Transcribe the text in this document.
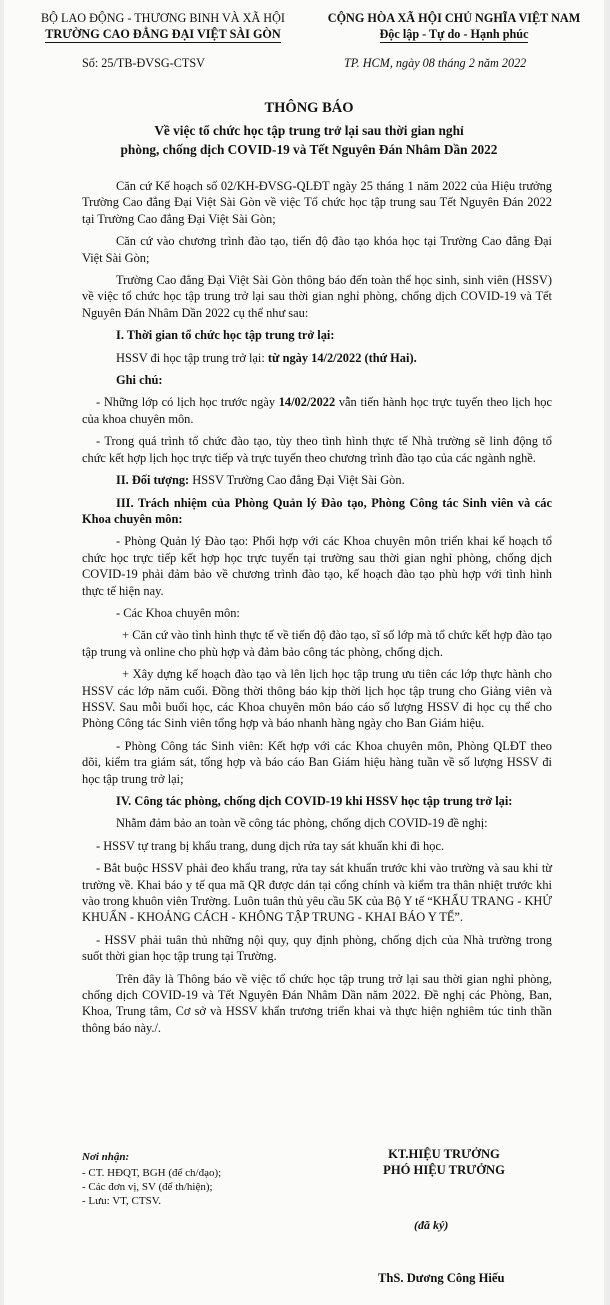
BỘ LAO ĐỘNG - THƯƠNG BINH VÀ XÃ HỘI
TRƯỜNG CAO ĐẲNG ĐẠI VIỆT SÀI GÒN
CỘNG HÒA XÃ HỘI CHỦ NGHĨA VIỆT NAM
Độc lập - Tự do - Hạnh phúc
Số: 25/TB-ĐVSG-CTSV	TP. HCM, ngày 08 tháng 2 năm 2022
THÔNG BÁO
Về việc tổ chức học tập trung trở lại sau thời gian nghỉ
phòng, chống dịch COVID-19 và Tết Nguyên Đán Nhâm Dần 2022

Căn cứ Kế hoạch số 02/KH-ĐVSG-QLĐT ngày 25 tháng 1 năm 2022 của Hiệu trưởng Trường Cao đẳng Đại Việt Sài Gòn về việc Tổ chức học tập trung sau Tết Nguyên Đán 2022 tại Trường Cao đẳng Đại Việt Sài Gòn;

Căn cứ vào chương trình đào tạo, tiến độ đào tạo khóa học tại Trường Cao đẳng Đại Việt Sài Gòn;

Trường Cao đẳng Đại Việt Sài Gòn thông báo đến toàn thể học sinh, sinh viên (HSSV) về việc tổ chức học tập trung trở lại sau thời gian nghỉ phòng, chống dịch COVID-19 và Tết Nguyên Đán Nhâm Dần 2022 cụ thể như sau:

I. Thời gian tổ chức học tập trung trở lại:

HSSV đi học tập trung trở lại: từ ngày 14/2/2022 (thứ Hai).

Ghi chú:

- Những lớp có lịch học trước ngày 14/02/2022 vẫn tiến hành học trực tuyến theo lịch học của khoa chuyên môn.

- Trong quá trình tổ chức đào tạo, tùy theo tình hình thực tế Nhà trường sẽ linh động tổ chức kết hợp lịch học trực tiếp và trực tuyến theo chương trình đào tạo của các ngành nghề.

II. Đối tượng: HSSV Trường Cao đẳng Đại Việt Sài Gòn.

III. Trách nhiệm của Phòng Quản lý Đào tạo, Phòng Công tác Sinh viên và các Khoa chuyên môn:

- Phòng Quản lý Đào tạo: Phối hợp với các Khoa chuyên môn triển khai kế hoạch tổ chức học trực tiếp kết hợp học trực tuyến tại trường sau thời gian nghỉ phòng, chống dịch COVID-19 phải đảm bảo về chương trình đào tạo, kế hoạch đào tạo phù hợp với tình hình thực tế hiện nay.

- Các Khoa chuyên môn:

+ Căn cứ vào tình hình thực tế về tiến độ đào tạo, sĩ số lớp mà tổ chức kết hợp đào tạo tập trung và online cho phù hợp và đảm bảo công tác phòng, chống dịch.

+ Xây dựng kế hoạch đào tạo và lên lịch học tập trung ưu tiên các lớp thực hành cho HSSV các lớp năm cuối. Đồng thời thông báo kịp thời lịch học tập trung cho Giảng viên và HSSV. Sau mỗi buổi học, các Khoa chuyên môn báo cáo số lượng HSSV đi học cụ thể cho Phòng Công tác Sinh viên tổng hợp và báo nhanh hàng ngày cho Ban Giám hiệu.

- Phòng Công tác Sinh viên: Kết hợp với các Khoa chuyên môn, Phòng QLĐT theo dõi, kiểm tra giám sát, tổng hợp và báo cáo Ban Giám hiệu hàng tuần về số lượng HSSV đi học tập trung trở lại;

IV. Công tác phòng, chống dịch COVID-19 khi HSSV học tập trung trở lại:

Nhằm đảm bảo an toàn về công tác phòng, chống dịch COVID-19 đề nghị:

- HSSV tự trang bị khẩu trang, dung dịch rửa tay sát khuẩn khi đi học.

- Bắt buộc HSSV phải đeo khẩu trang, rửa tay sát khuẩn trước khi vào trường và sau khi từ trường về. Khai báo y tế qua mã QR được dán tại cổng chính và kiểm tra thân nhiệt trước khi vào trong khuôn viên Trường. Luôn tuân thủ yêu cầu 5K của Bộ Y tế “KHẨU TRANG - KHỬ KHUẨN - KHOẢNG CÁCH - KHÔNG TẬP TRUNG - KHAI BÁO Y TẾ”.

- HSSV phải tuân thủ những nội quy, quy định phòng, chống dịch của Nhà trường trong suốt thời gian học tập trung tại Trường.

Trên đây là Thông báo về việc tổ chức học tập trung trở lại sau thời gian nghỉ phòng, chống dịch COVID-19 và Tết Nguyên Đán Nhâm Dần năm 2022. Đề nghị các Phòng, Ban, Khoa, Trung tâm, Cơ sở và HSSV khẩn trương triển khai và thực hiện nghiêm túc tinh thần thông báo này./.

Nơi nhận:
- CT. HĐQT, BGH (để ch/đạo);
- Các đơn vị, SV (để th/hiện);
- Lưu: VT, CTSV.
KT.HIỆU TRƯỞNG
PHÓ HIỆU TRƯỞNG
(đã ký)
ThS. Dương Công Hiếu
